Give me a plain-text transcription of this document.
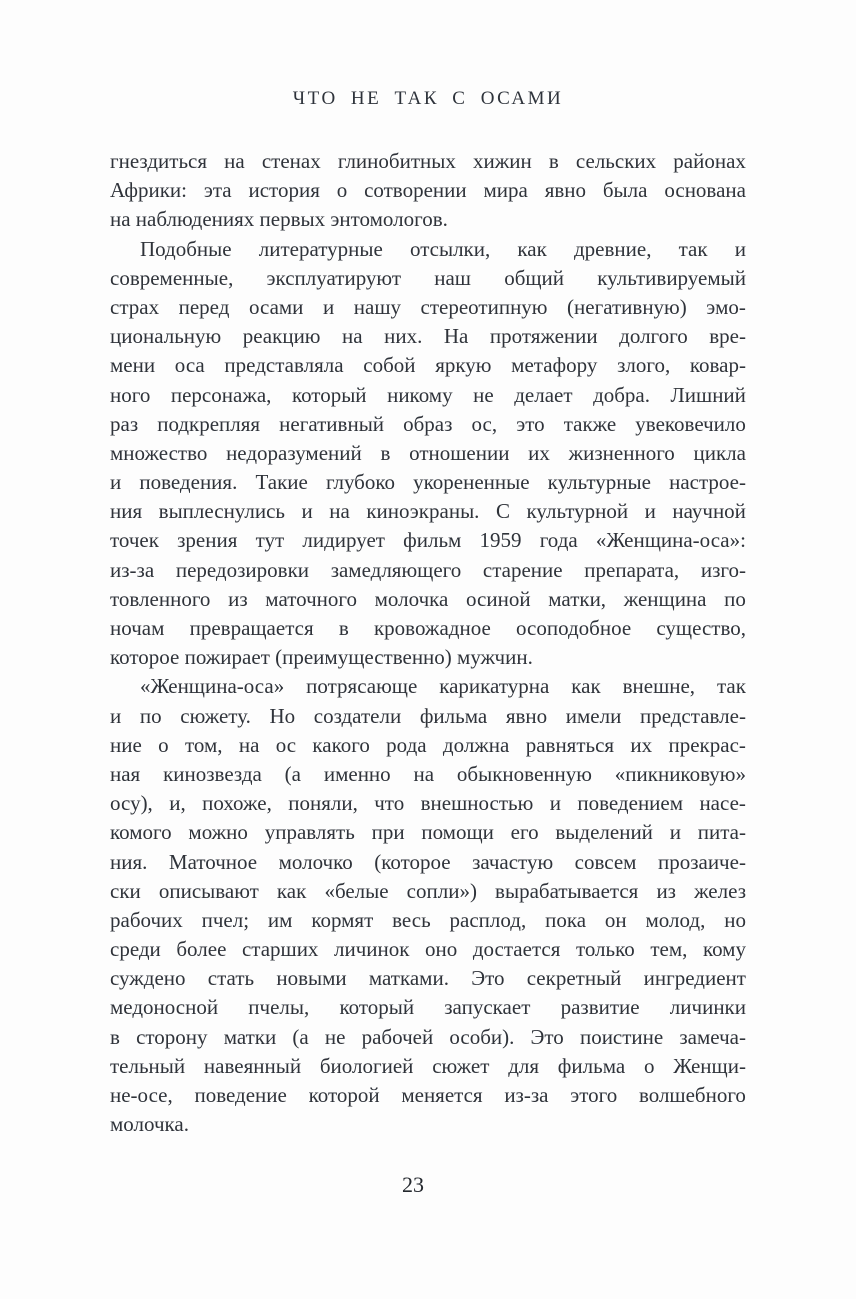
ЧТО НЕ ТАК С ОСАМИ
гнездиться на стенах глинобитных хижин в сельских районах
Африки: эта история о сотворении мира явно была основана
на наблюдениях первых энтомологов.
Подобные литературные отсылки, как древние, так и
современные, эксплуатируют наш общий культивируемый
страх перед осами и нашу стереотипную (негативную) эмо-
циональную реакцию на них. На протяжении долгого вре-
мени оса представляла собой яркую метафору злого, ковар-
ного персонажа, который никому не делает добра. Лишний
раз подкрепляя негативный образ ос, это также увековечило
множество недоразумений в отношении их жизненного цикла
и поведения. Такие глубоко укорененные культурные настрое-
ния выплеснулись и на киноэкраны. С культурной и научной
точек зрения тут лидирует фильм 1959 года «Женщина-оса»:
из-за передозировки замедляющего старение препарата, изго-
товленного из маточного молочка осиной матки, женщина по
ночам превращается в кровожадное осоподобное существо,
которое пожирает (преимущественно) мужчин.
«Женщина-оса» потрясающе карикатурна как внешне, так
и по сюжету. Но создатели фильма явно имели представле-
ние о том, на ос какого рода должна равняться их прекрас-
ная кинозвезда (а именно на обыкновенную «пикниковую»
осу), и, похоже, поняли, что внешностью и поведением насе-
комого можно управлять при помощи его выделений и пита-
ния. Маточное молочко (которое зачастую совсем прозаиче-
ски описывают как «белые сопли») вырабатывается из желез
рабочих пчел; им кормят весь расплод, пока он молод, но
среди более старших личинок оно достается только тем, кому
суждено стать новыми матками. Это секретный ингредиент
медоносной пчелы, который запускает развитие личинки
в сторону матки (а не рабочей особи). Это поистине замеча-
тельный навеянный биологией сюжет для фильма о Женщи-
не-осе, поведение которой меняется из-за этого волшебного
молочка.
23
